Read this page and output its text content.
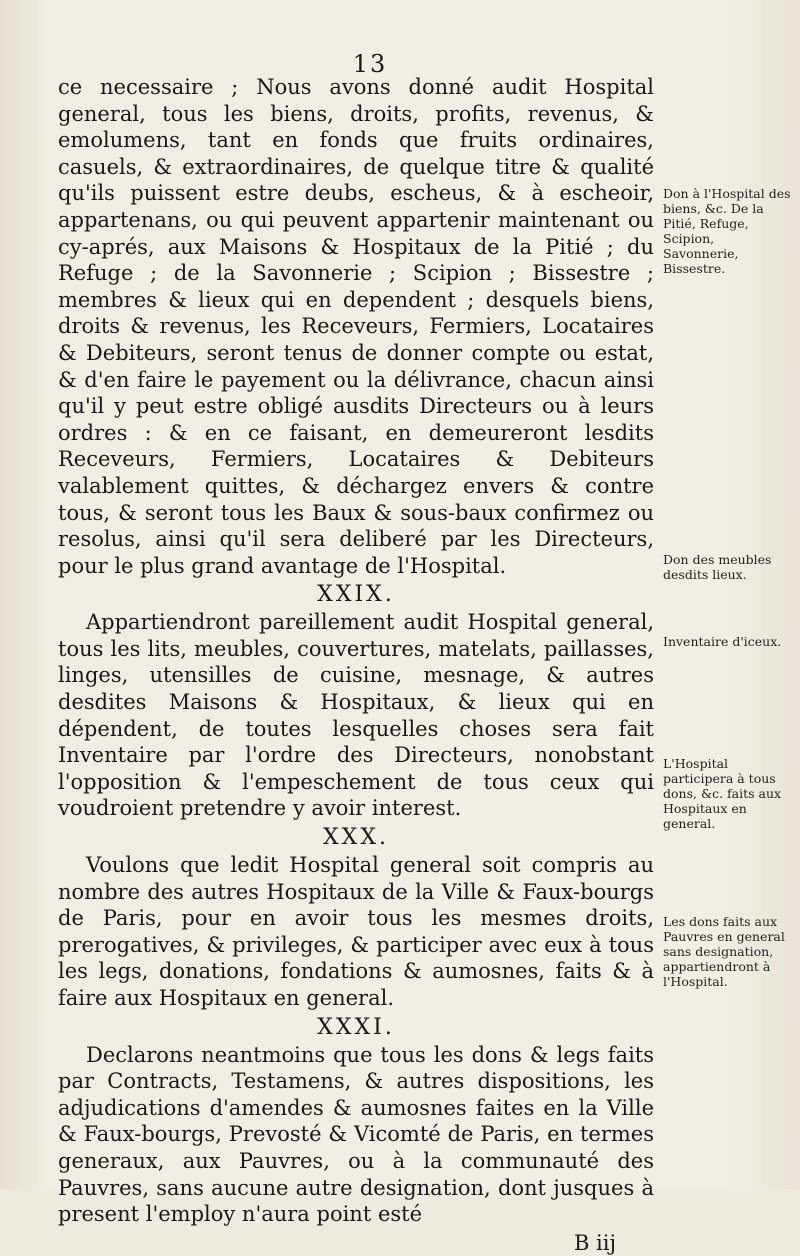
13

ce necessaire ; Nous avons donné audit Hospital general, tous les biens, droits, profits, revenus, & emolumens, tant en fonds que fruits ordinaires, casuels, & extraordinaires, de quelque titre & qualité qu'ils puissent estre deubs, escheus, & à escheoir, appartenans, ou qui peuvent appartenir maintenant ou cy-aprés, aux Maisons & Hospitaux de la Pitié ; du Refuge ; de la Savonnerie ; Scipion ; Bissestre ; membres & lieux qui en dependent ; desquels biens, droits & revenus, les Receveurs, Fermiers, Locataires & Debiteurs, seront tenus de donner compte ou estat, & d'en faire le payement ou la délivrance, chacun ainsi qu'il y peut estre obligé ausdits Directeurs ou à leurs ordres : & en ce faisant, en demeureront lesdits Receveurs, Fermiers, Locataires & Debiteurs valablement quittes, & déchargez envers & contre tous, & seront tous les Baux & sous-baux confirmez ou resolus, ainsi qu'il sera deliberé par les Directeurs, pour le plus grand avantage de l'Hospital.

XXIX.

Appartiendront pareillement audit Hospital general, tous les lits, meubles, couvertures, matelats, paillasses, linges, utensilles de cuisine, mesnage, & autres desdites Maisons & Hospitaux, & lieux qui en dépendent, de toutes lesquelles choses sera fait Inventaire par l'ordre des Directeurs, nonobstant l'opposition & l'empeschement de tous ceux qui voudroient pretendre y avoir interest.

XXX.

Voulons que ledit Hospital general soit compris au nombre des autres Hospitaux de la Ville & Faux-bourgs de Paris, pour en avoir tous les mesmes droits, prerogatives, & privileges, & participer avec eux à tous les legs, donations, fondations & aumosnes, faits & à faire aux Hospitaux en general.

XXXI.

Declarons neantmoins que tous les dons & legs faits par Contracts, Testamens, & autres dispositions, les adjudications d'amendes & aumosnes faites en la Ville & Faux-bourgs, Prevosté & Vicomté de Paris, en termes generaux, aux Pauvres, ou à la communauté des Pauvres, sans aucune autre designation, dont jusques à present l'employ n'aura point esté

B iij
Don à l'Hospital des biens, &c. De la Pitié, Refuge, Scipion, Savonnerie, Bissestre.
Don des meubles desdits lieux.
Inventaire d'iceux.
L'Hospital participera à tous dons, &c. faits aux Hospitaux en general.
Les dons faits aux Pauvres en general sans designation, appartiendront à l'Hospital.
